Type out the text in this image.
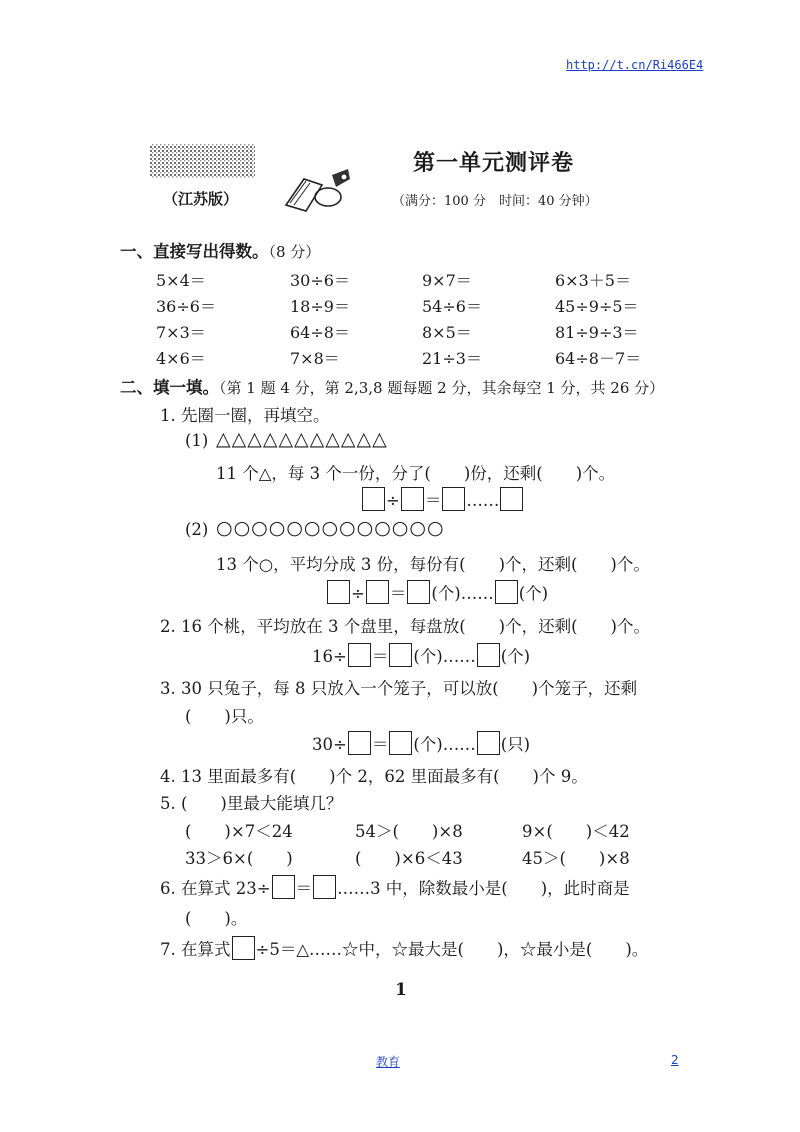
http://t.cn/Ri466E4
第一单元测评卷
（江苏版）	（满分：100 分　时间：40 分钟）
一、直接写出得数。（8 分）
5×4＝	30÷6＝	9×7＝	6×3＋5＝
36÷6＝	18÷9＝	54÷6＝	45÷9÷5＝
7×3＝	64÷8＝	8×5＝	81÷9÷3＝
4×6＝	7×8＝	21÷3＝	64÷8－7＝
二、填一填。（第 1 题 4 分，第 2,3,8 题每题 2 分，其余每空 1 分，共 26 分）
1. 先圈一圈，再填空。
(1) △△△△△△△△△△△
11 个△，每 3 个一份，分了(　　)份，还剩(　　)个。
÷ ＝ ……
(2) ○○○○○○○○○○○○○
13 个○，平均分成 3 份，每份有(　　)个，还剩(　　)个。
÷ ＝ (个)…… (个)
2. 16 个桃，平均放在 3 个盘里，每盘放(　　)个，还剩(　　)个。
16÷ ＝ (个)…… (个)
3. 30 只兔子，每 8 只放入一个笼子，可以放(　　)个笼子，还剩
(　　)只。
30÷ ＝ (个)…… (只)
4. 13 里面最多有(　　)个 2，62 里面最多有(　　)个 9。
5. (　　)里最大能填几？
(　　)×7＜24	54＞(　　)×8	9×(　　)＜42
33＞6×(　　)	(　　)×6＜43	45＞(　　)×8
6. 在算式 23÷ ＝ ……3 中，除数最小是(　　)，此时商是
(　　)。
7. 在算式 ÷5＝△……☆中，☆最大是(　　)，☆最小是(　　)。
1
教育	2
